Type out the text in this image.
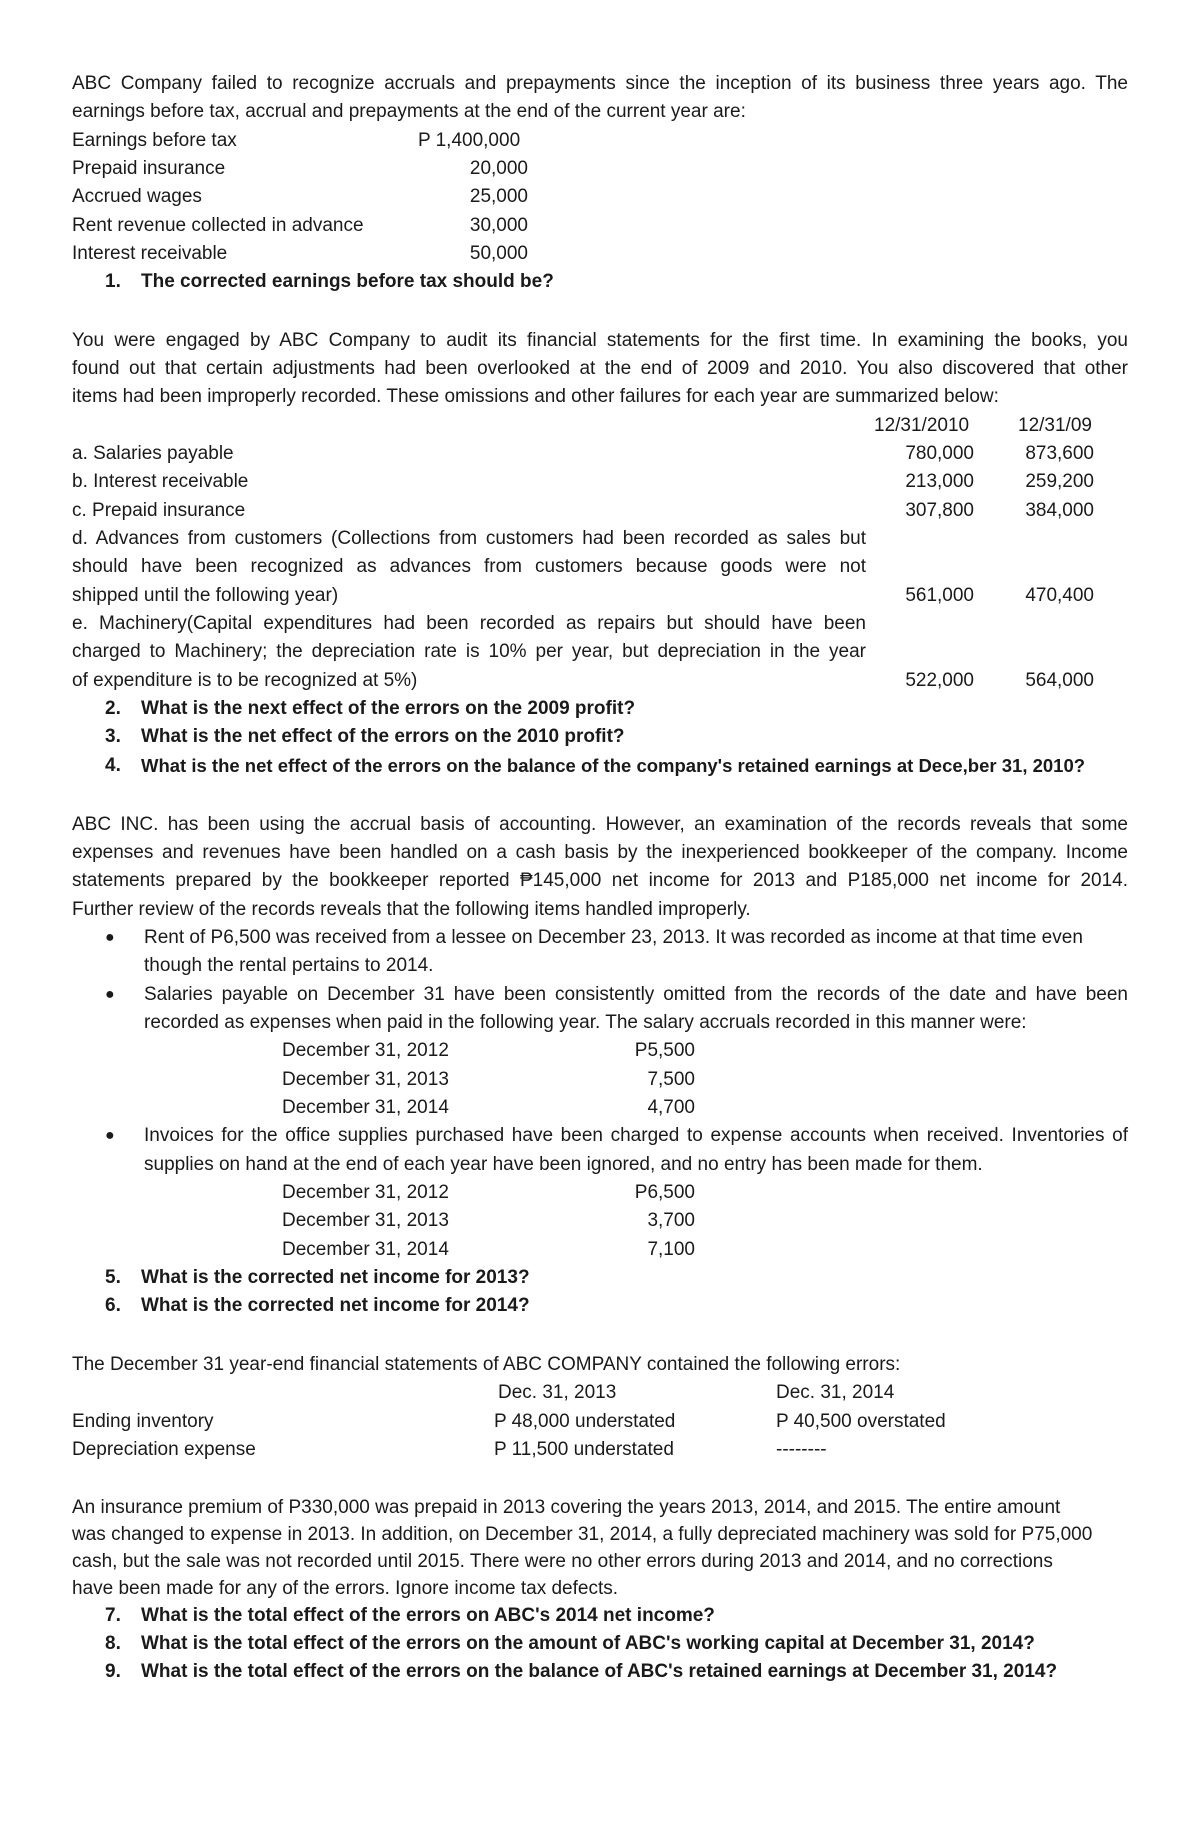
ABC Company failed to recognize accruals and prepayments since the inception of its business three years ago. The
earnings before tax, accrual and prepayments at the end of the current year are:
Earnings before tax	P 1,400,000
Prepaid insurance	20,000
Accrued wages	25,000
Rent revenue collected in advance	30,000
Interest receivable	50,000
1. The corrected earnings before tax should be?
You were engaged by ABC Company to audit its financial statements for the first time. In examining the books, you
found out that certain adjustments had been overlooked at the end of 2009 and 2010. You also discovered that other
items had been improperly recorded. These omissions and other failures for each year are summarized below:
12/31/2010	12/31/09
a. Salaries payable	780,000	873,600
b. Interest receivable	213,000	259,200
c. Prepaid insurance	307,800	384,000
d. Advances from customers (Collections from customers had been recorded as sales but
should have been recognized as advances from customers because goods were not
shipped until the following year)	561,000	470,400
e. Machinery(Capital expenditures had been recorded as repairs but should have been
charged to Machinery; the depreciation rate is 10% per year, but depreciation in the year
of expenditure is to be recognized at 5%)	522,000	564,000
2. What is the next effect of the errors on the 2009 profit?
3. What is the net effect of the errors on the 2010 profit?
4. What is the net effect of the errors on the balance of the company's retained earnings at Dece,ber 31, 2010?
ABC INC. has been using the accrual basis of accounting. However, an examination of the records reveals that some
expenses and revenues have been handled on a cash basis by the inexperienced bookkeeper of the company. Income
statements prepared by the bookkeeper reported ₱145,000 net income for 2013 and P185,000 net income for 2014.
Further review of the records reveals that the following items handled improperly.
● Rent of P6,500 was received from a lessee on December 23, 2013. It was recorded as income at that time even
though the rental pertains to 2014.
● Salaries payable on December 31 have been consistently omitted from the records of the date and have been
recorded as expenses when paid in the following year. The salary accruals recorded in this manner were:
December 31, 2012	P5,500
December 31, 2013	7,500
December 31, 2014	4,700
● Invoices for the office supplies purchased have been charged to expense accounts when received. Inventories of
supplies on hand at the end of each year have been ignored, and no entry has been made for them.
December 31, 2012	P6,500
December 31, 2013	3,700
December 31, 2014	7,100
5. What is the corrected net income for 2013?
6. What is the corrected net income for 2014?
The December 31 year-end financial statements of ABC COMPANY contained the following errors:
Dec. 31, 2013	Dec. 31, 2014
Ending inventory	P 48,000 understated	P 40,500 overstated
Depreciation expense	P 11,500 understated	--------
An insurance premium of P330,000 was prepaid in 2013 covering the years 2013, 2014, and 2015. The entire amount
was changed to expense in 2013. In addition, on December 31, 2014, a fully depreciated machinery was sold for P75,000
cash, but the sale was not recorded until 2015. There were no other errors during 2013 and 2014, and no corrections
have been made for any of the errors. Ignore income tax defects.
7. What is the total effect of the errors on ABC's 2014 net income?
8. What is the total effect of the errors on the amount of ABC's working capital at December 31, 2014?
9. What is the total effect of the errors on the balance of ABC's retained earnings at December 31, 2014?
